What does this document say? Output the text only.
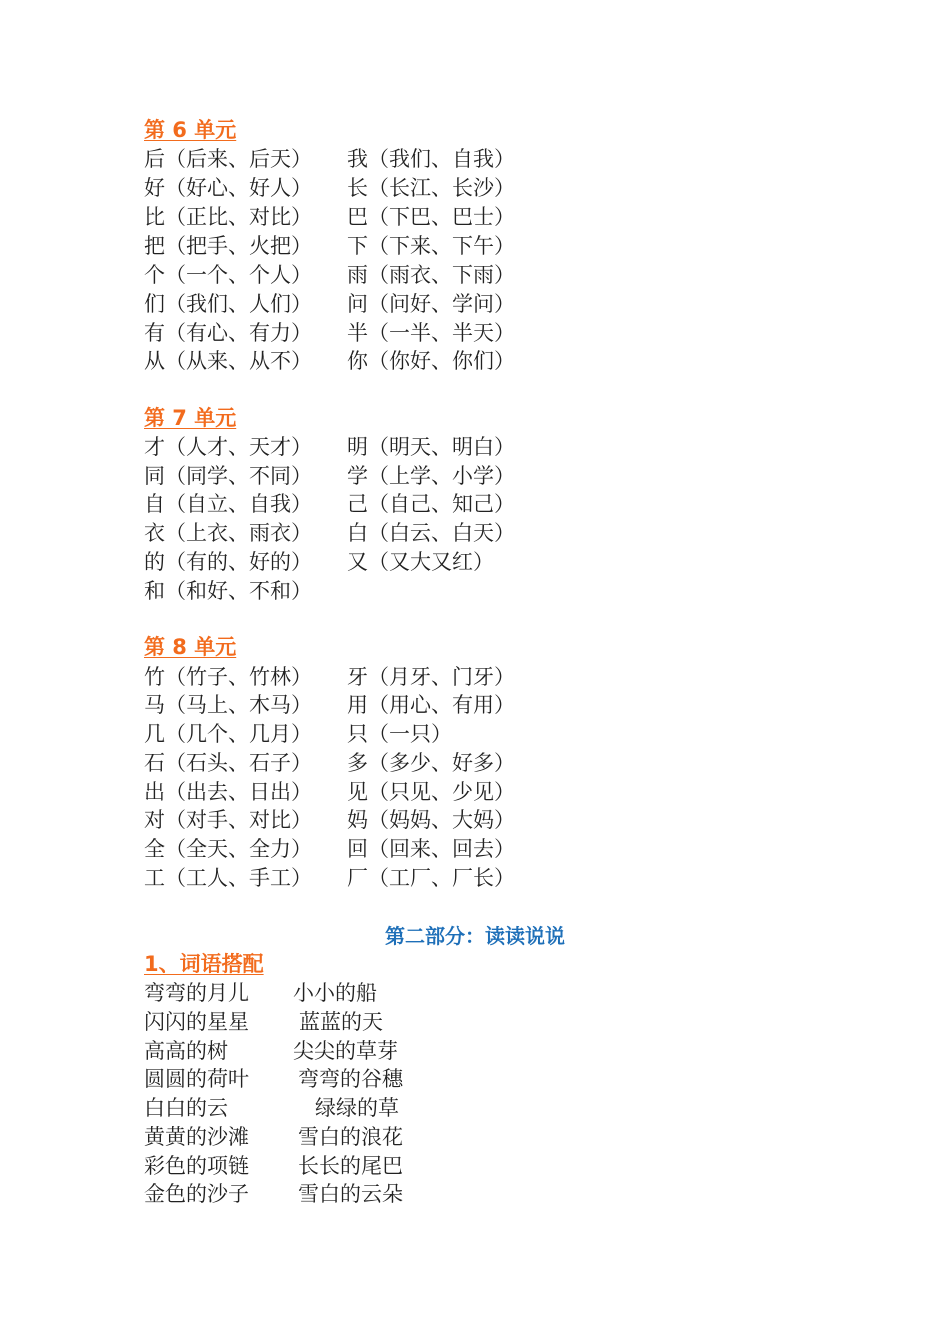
第 6 单元
后（后来、后天） 我（我们、自我）
好（好心、好人） 长（长江、长沙）
比（正比、对比） 巴（下巴、巴士）
把（把手、火把） 下（下来、下午）
个（一个、个人） 雨（雨衣、下雨）
们（我们、人们） 问（问好、学问）
有（有心、有力） 半（一半、半天）
从（从来、从不） 你（你好、你们）
第 7 单元
才（人才、天才） 明（明天、明白）
同（同学、不同） 学（上学、小学）
自（自立、自我） 己（自己、知己）
衣（上衣、雨衣） 白（白云、白天）
的（有的、好的） 又（又大又红）
和（和好、不和）
第 8 单元
竹（竹子、竹林） 牙（月牙、门牙）
马（马上、木马） 用（用心、有用）
几（几个、几月） 只（一只）
石（石头、石子） 多（多少、好多）
出（出去、日出） 见（只见、少见）
对（对手、对比） 妈（妈妈、大妈）
全（全天、全力） 回（回来、回去）
工（工人、手工） 厂（工厂、厂长）
第二部分：读读说说
1、词语搭配
弯弯的月儿 小小的船
闪闪的星星 蓝蓝的天
高高的树	尖尖的草芽
圆圆的荷叶 弯弯的谷穗
白白的云	绿绿的草
黄黄的沙滩 雪白的浪花
彩色的项链 长长的尾巴
金色的沙子 雪白的云朵
